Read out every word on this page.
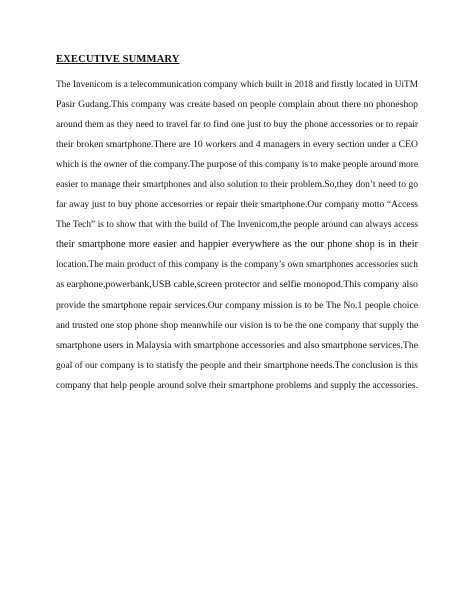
EXECUTIVE SUMMARY
The Invenicom is a telecommunication company which built in 2018 and firstly located in UiTM
Pasir Gudang.This company was create based on people complain about there no phoneshop
around them as they need to travel far to find one just to buy the phone accessories or to repair
their broken smartphone.There are 10 workers and 4 managers in every section under a CEO
which is the owner of the company.The purpose of this company is to make people around more
easier to manage their smartphones and also solution to their problem.So,they don’t need to go
far away just to buy phone accesorries or repair their smartphone.Our company motto “Access
The Tech” is to show that with the build of The Invenicom,the people around can always access
their smartphone more easier and happier everywhere as the our phone shop is in their
location.The main product of this company is the company’s own smartphones accessories such
as earphone,powerbank,USB cable,screen protector and selfie monopod.This company also
provide the smartphone repair services.Our company mission is to be The No.1 people choice
and trusted one stop phone shop meanwhile our vision is to be the one company that supply the
smartphone users in Malaysia with smartphone accessories and also smartphone services.The
goal of our company is to statisfy the people and their smartphone needs.The conclusion is this
company that help people around solve their smartphone problems and supply the accessories.
